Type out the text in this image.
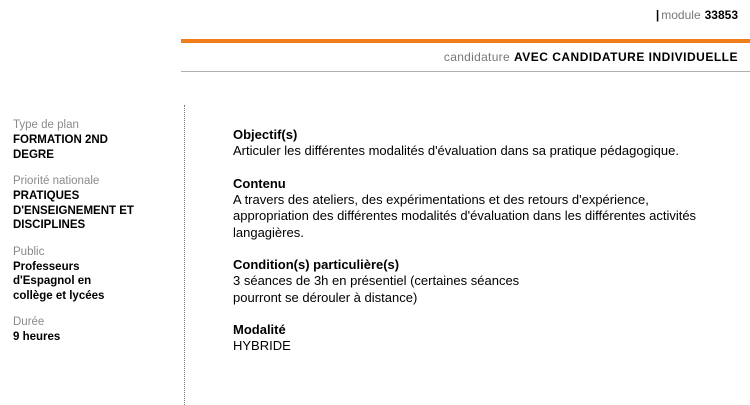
| module 33853
candidature AVEC CANDIDATURE INDIVIDUELLE
Type de plan
FORMATION 2ND
DEGRE
Priorité nationale
PRATIQUES
D'ENSEIGNEMENT ET
DISCIPLINES
Public
Professeurs
d'Espagnol en
collège et lycées
Durée
9 heures
Objectif(s)
Articuler les différentes modalités d'évaluation dans sa pratique pédagogique.
Contenu
A travers des ateliers, des expérimentations et des retours d'expérience,
appropriation des différentes modalités d'évaluation dans les différentes activités
langagières.
Condition(s) particulière(s)
3 séances de 3h en présentiel (certaines séances
pourront se dérouler à distance)
Modalité
HYBRIDE
